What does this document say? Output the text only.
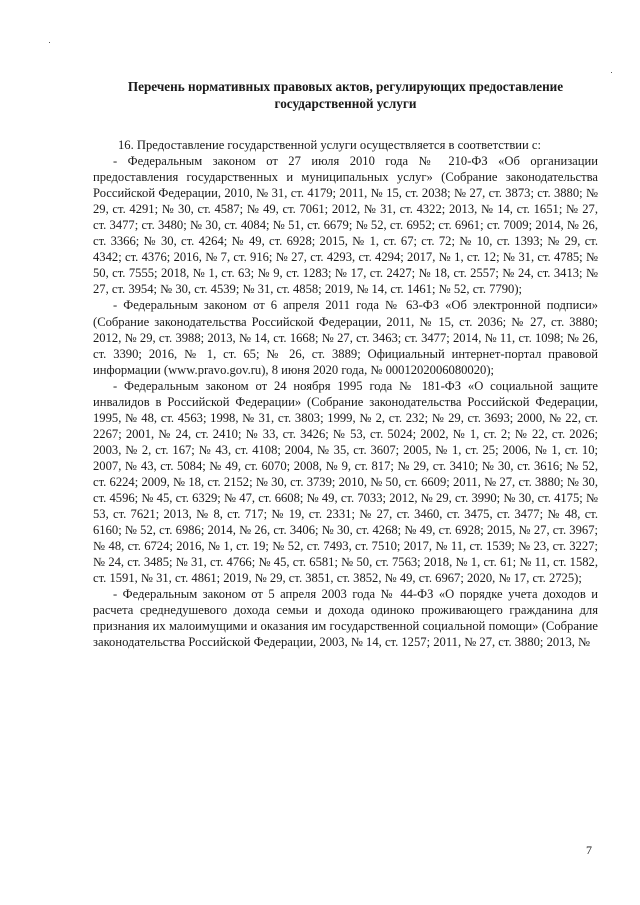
Перечень нормативных правовых актов, регулирующих предоставление государственной услуги

16. Предоставление государственной услуги осуществляется в соответствии с:

- Федеральным законом от 27 июля 2010 года № 210-ФЗ «Об организации предоставления государственных и муниципальных услуг» (Собрание законодательства Российской Федерации, 2010, № 31, ст. 4179; 2011, № 15, ст. 2038; № 27, ст. 3873; ст. 3880; № 29, ст. 4291; № 30, ст. 4587; № 49, ст. 7061; 2012, № 31, ст. 4322; 2013, № 14, ст. 1651; № 27, ст. 3477; ст. 3480; № 30, ст. 4084; № 51, ст. 6679; № 52, ст. 6952; ст. 6961; ст. 7009; 2014, № 26, ст. 3366; № 30, ст. 4264; № 49, ст. 6928; 2015, № 1, ст. 67; ст. 72; № 10, ст. 1393; № 29, ст. 4342; ст. 4376; 2016, № 7, ст. 916; № 27, ст. 4293, ст. 4294; 2017, № 1, ст. 12; № 31, ст. 4785; № 50, ст. 7555; 2018, № 1, ст. 63; № 9, ст. 1283; № 17, ст. 2427; № 18, ст. 2557; № 24, ст. 3413; № 27, ст. 3954; № 30, ст. 4539; № 31, ст. 4858; 2019, № 14, ст. 1461; № 52, ст. 7790);

- Федеральным законом от 6 апреля 2011 года № 63-ФЗ «Об электронной подписи» (Собрание законодательства Российской Федерации, 2011, № 15, ст. 2036; № 27, ст. 3880; 2012, № 29, ст. 3988; 2013, № 14, ст. 1668; № 27, ст. 3463; ст. 3477; 2014, № 11, ст. 1098; № 26, ст. 3390; 2016, № 1, ст. 65; № 26, ст. 3889; Официальный интернет-портал правовой информации (www.pravo.gov.ru), 8 июня 2020 года, № 0001202006080020);

- Федеральным законом от 24 ноября 1995 года № 181-ФЗ «О социальной защите инвалидов в Российской Федерации» (Собрание законодательства Российской Федерации, 1995, № 48, ст. 4563; 1998, № 31, ст. 3803; 1999, № 2, ст. 232; № 29, ст. 3693; 2000, № 22, ст. 2267; 2001, № 24, ст. 2410; № 33, ст. 3426; № 53, ст. 5024; 2002, № 1, ст. 2; № 22, ст. 2026; 2003, № 2, ст. 167; № 43, ст. 4108; 2004, № 35, ст. 3607; 2005, № 1, ст. 25; 2006, № 1, ст. 10; 2007, № 43, ст. 5084; № 49, ст. 6070; 2008, № 9, ст. 817; № 29, ст. 3410; № 30, ст. 3616; № 52, ст. 6224; 2009, № 18, ст. 2152; № 30, ст. 3739; 2010, № 50, ст. 6609; 2011, № 27, ст. 3880; № 30, ст. 4596; № 45, ст. 6329; № 47, ст. 6608; № 49, ст. 7033; 2012, № 29, ст. 3990; № 30, ст. 4175; № 53, ст. 7621; 2013, № 8, ст. 717; № 19, ст. 2331; № 27, ст. 3460, ст. 3475, ст. 3477; № 48, ст. 6160; № 52, ст. 6986; 2014, № 26, ст. 3406; № 30, ст. 4268; № 49, ст. 6928; 2015, № 27, ст. 3967; № 48, ст. 6724; 2016, № 1, ст. 19; № 52, ст. 7493, ст. 7510; 2017, № 11, ст. 1539; № 23, ст. 3227; № 24, ст. 3485; № 31, ст. 4766; № 45, ст. 6581; № 50, ст. 7563; 2018, № 1, ст. 61; № 11, ст. 1582, ст. 1591, № 31, ст. 4861; 2019, № 29, ст. 3851, ст. 3852, № 49, ст. 6967; 2020, № 17, ст. 2725);

- Федеральным законом от 5 апреля 2003 года № 44-ФЗ «О порядке учета доходов и расчета среднедушевого дохода семьи и дохода одиноко проживающего гражданина для признания их малоимущими и оказания им государственной социальной помощи» (Собрание законодательства Российской Федерации, 2003, № 14, ст. 1257; 2011, № 27, ст. 3880; 2013, №

7
